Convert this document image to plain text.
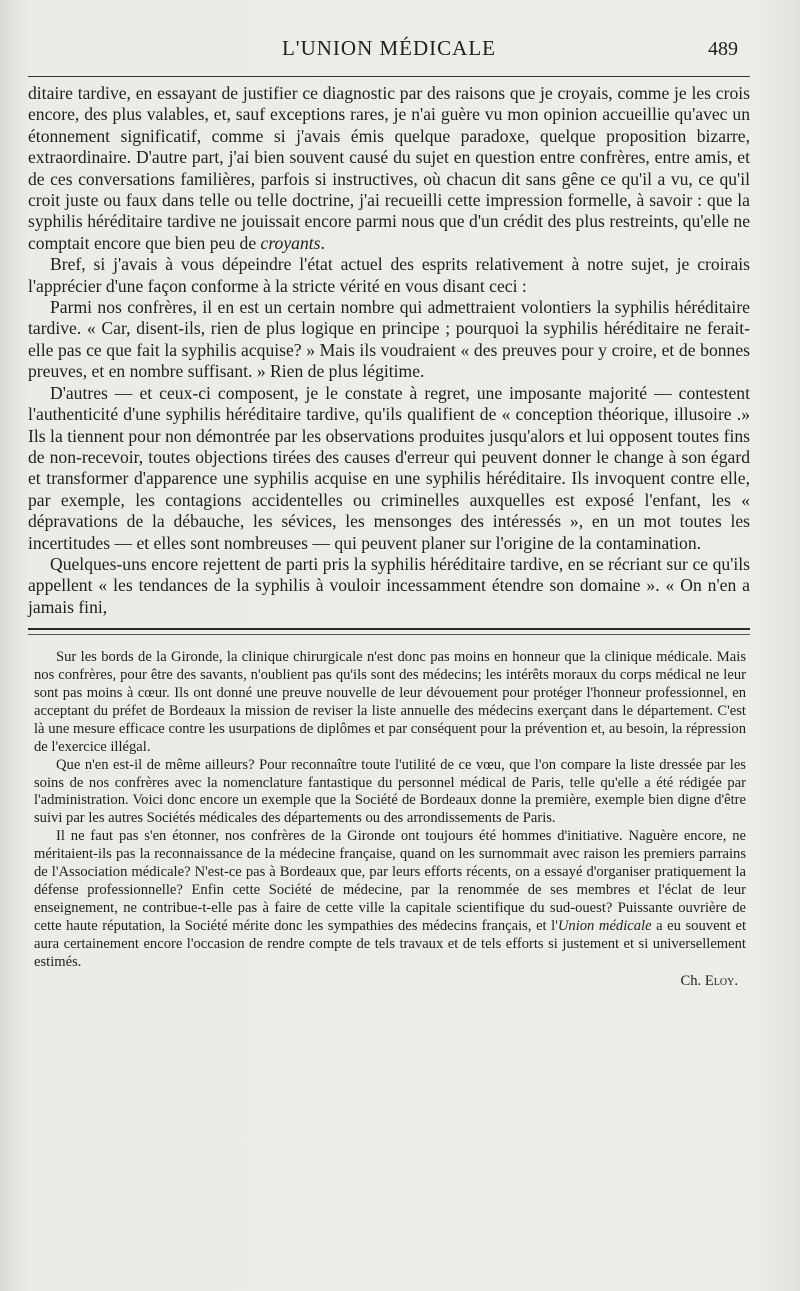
L'UNION MÉDICALE	489

ditaire tardive, en essayant de justifier ce diagnostic par des raisons que je croyais, comme je les crois encore, des plus valables, et, sauf exceptions rares, je n'ai guère vu mon opinion accueillie qu'avec un étonnement significatif, comme si j'avais émis quelque paradoxe, quelque proposition bizarre, extraordinaire. D'autre part, j'ai bien souvent causé du sujet en question entre confrères, entre amis, et de ces conversations familières, parfois si instructives, où chacun dit sans gêne ce qu'il a vu, ce qu'il croit juste ou faux dans telle ou telle doctrine, j'ai recueilli cette impression formelle, à savoir : que la syphilis héréditaire tardive ne jouissait encore parmi nous que d'un crédit des plus restreints, qu'elle ne comptait encore que bien peu de croyants.

Bref, si j'avais à vous dépeindre l'état actuel des esprits relativement à notre sujet, je croirais l'apprécier d'une façon conforme à la stricte vérité en vous disant ceci :

Parmi nos confrères, il en est un certain nombre qui admettraient volontiers la syphilis héréditaire tardive. « Car, disent-ils, rien de plus logique en principe ; pourquoi la syphilis héréditaire ne ferait-elle pas ce que fait la syphilis acquise? » Mais ils voudraient « des preuves pour y croire, et de bonnes preuves, et en nombre suffisant. » Rien de plus légitime.

D'autres — et ceux-ci composent, je le constate à regret, une imposante majorité — contestent l'authenticité d'une syphilis héréditaire tardive, qu'ils qualifient de « conception théorique, illusoire .» Ils la tiennent pour non démontrée par les observations produites jusqu'alors et lui opposent toutes fins de non-recevoir, toutes objections tirées des causes d'erreur qui peuvent donner le change à son égard et transformer d'apparence une syphilis acquise en une syphilis héréditaire. Ils invoquent contre elle, par exemple, les contagions accidentelles ou criminelles auxquelles est exposé l'enfant, les « dépravations de la débauche, les sévices, les mensonges des intéressés », en un mot toutes les incertitudes — et elles sont nombreuses — qui peuvent planer sur l'origine de la contamination.

Quelques-uns encore rejettent de parti pris la syphilis héréditaire tardive, en se récriant sur ce qu'ils appellent « les tendances de la syphilis à vouloir incessamment étendre son domaine ». « On n'en a jamais fini,

Sur les bords de la Gironde, la clinique chirurgicale n'est donc pas moins en honneur que la clinique médicale. Mais nos confrères, pour être des savants, n'oublient pas qu'ils sont des médecins; les intérêts moraux du corps médical ne leur sont pas moins à cœur. Ils ont donné une preuve nouvelle de leur dévouement pour protéger l'honneur professionnel, en acceptant du préfet de Bordeaux la mission de reviser la liste annuelle des médecins exerçant dans le département. C'est là une mesure efficace contre les usurpations de diplômes et par conséquent pour la prévention et, au besoin, la répression de l'exercice illégal.

Que n'en est-il de même ailleurs? Pour reconnaître toute l'utilité de ce vœu, que l'on compare la liste dressée par les soins de nos confrères avec la nomenclature fantastique du personnel médical de Paris, telle qu'elle a été rédigée par l'administration. Voici donc encore un exemple que la Société de Bordeaux donne la première, exemple bien digne d'être suivi par les autres Sociétés médicales des départements ou des arrondissements de Paris.

Il ne faut pas s'en étonner, nos confrères de la Gironde ont toujours été hommes d'initiative. Naguère encore, ne méritaient-ils pas la reconnaissance de la médecine française, quand on les surnommait avec raison les premiers parrains de l'Association médicale? N'est-ce pas à Bordeaux que, par leurs efforts récents, on a essayé d'organiser pratiquement la défense professionnelle? Enfin cette Société de médecine, par la renommée de ses membres et l'éclat de leur enseignement, ne contribue-t-elle pas à faire de cette ville la capitale scientifique du sud-ouest? Puissante ouvrière de cette haute réputation, la Société mérite donc les sympathies des médecins français, et l'Union médicale a eu souvent et aura certainement encore l'occasion de rendre compte de tels travaux et de tels efforts si justement et si universellement estimés.

Ch. Eloy.
